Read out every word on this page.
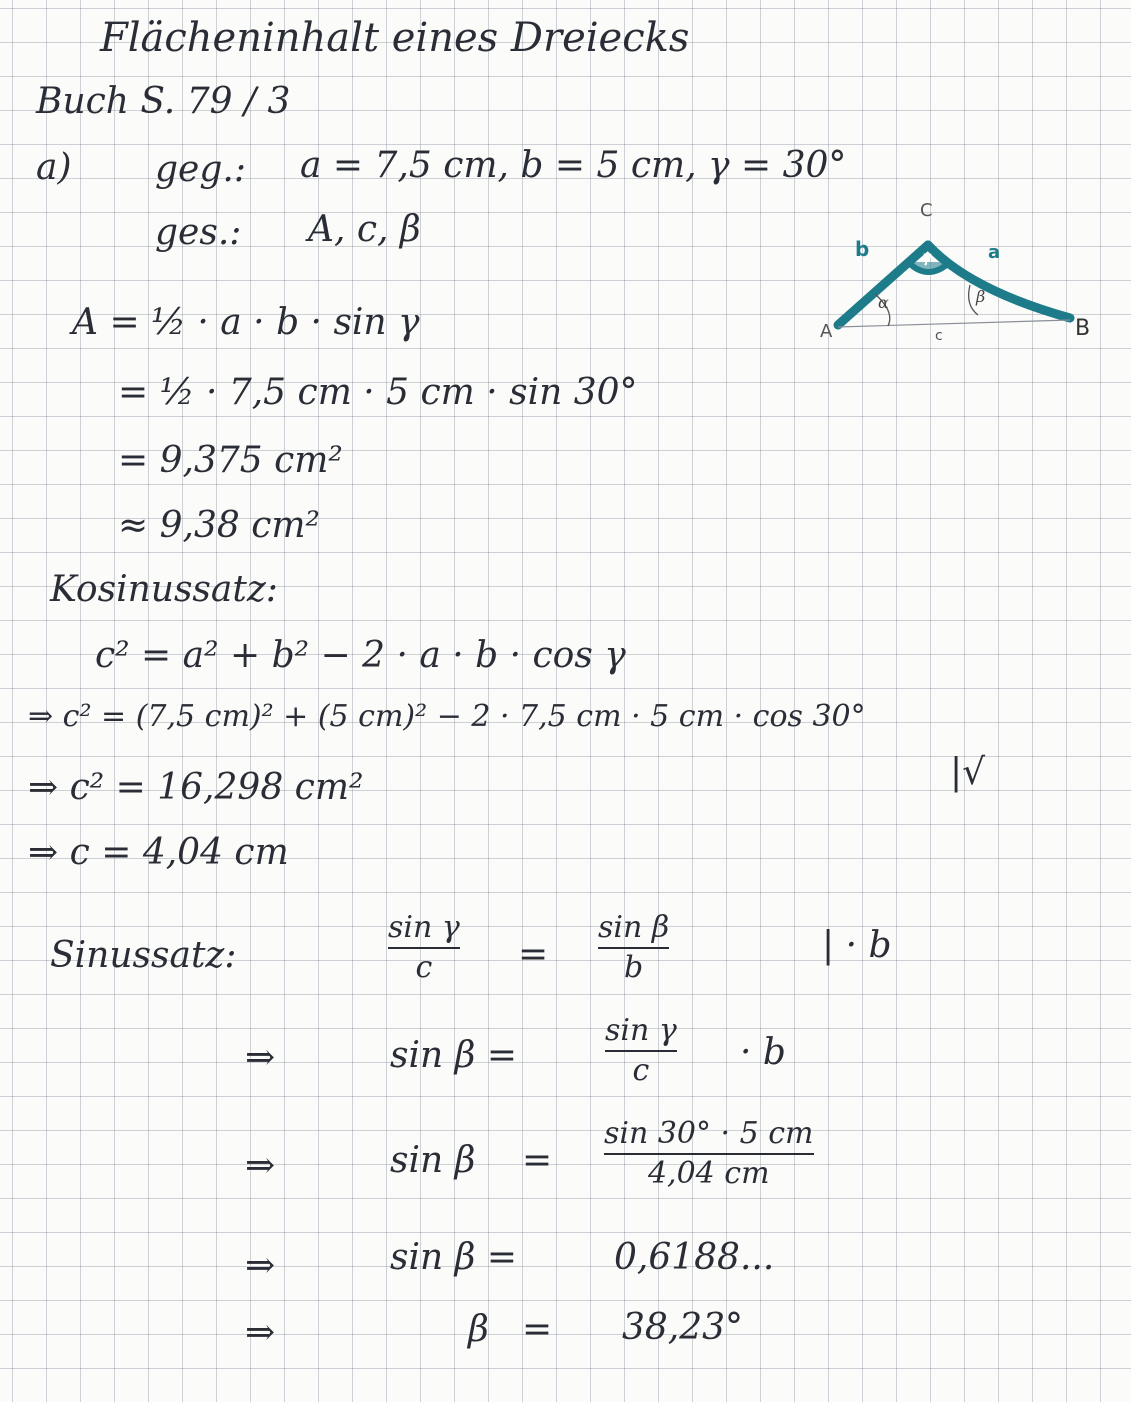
Flächeninhalt eines Dreiecks
Buch S. 79 / 3
a) geg.: a = 7,5 cm, b = 5 cm, γ = 30°
ges.: A, c, β
A	B
C
b	a
c
α	β
γ
A = ½ · a · b · sin γ
= ½ · 7,5 cm · 5 cm · sin 30°
= 9,375 cm²
≈ 9,38 cm²
Kosinussatz:
c² = a² + b² − 2 · a · b · cos γ
⇒ c² = (7,5 cm)² + (5 cm)² − 2 · 7,5 cm · 5 cm · cos 30°
⇒ c² = 16,298 cm²	|√
⇒ c = 4,04 cm
Sinussatz:
sin γ
c =
sin β
b
| · b
⇒	sin β =
sin γ
c	· b
⇒	sin β =
sin 30° · 5 cm
4,04 cm
⇒	sin β =	0,6188...
⇒	β = 38,23°
